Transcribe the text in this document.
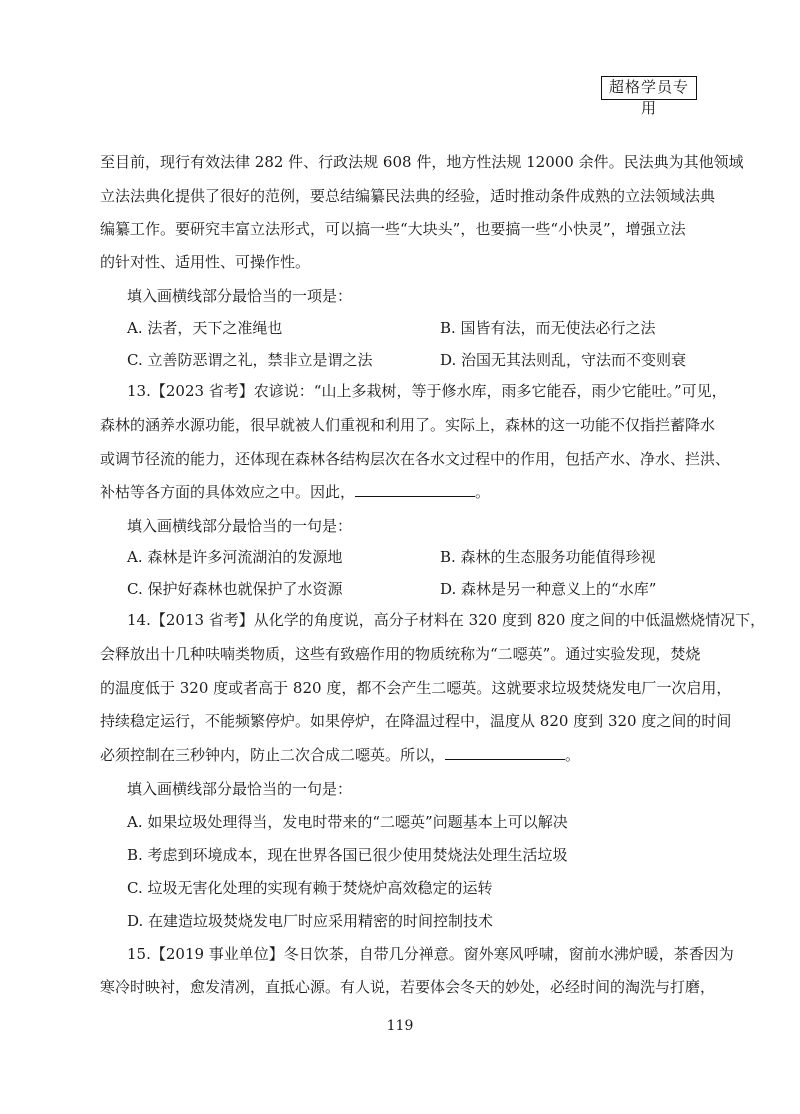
超格学员专用
至目前，现行有效法律 282 件、行政法规 608 件，地方性法规 12000 余件。民法典为其他领域
立法法典化提供了很好的范例，要总结编纂民法典的经验，适时推动条件成熟的立法领域法典
编纂工作。要研究丰富立法形式，可以搞一些“大块头”，也要搞一些“小快灵”，增强立法
的针对性、适用性、可操作性。
填入画横线部分最恰当的一项是：
A. 法者，天下之准绳也	B. 国皆有法，而无使法必行之法
C. 立善防恶谓之礼，禁非立是谓之法	D. 治国无其法则乱，守法而不变则衰
13.【2023 省考】农谚说：“山上多栽树，等于修水库，雨多它能吞，雨少它能吐。”可见，
森林的涵养水源功能，很早就被人们重视和利用了。实际上，森林的这一功能不仅指拦蓄降水
或调节径流的能力，还体现在森林各结构层次在各水文过程中的作用，包括产水、净水、拦洪、
补枯等各方面的具体效应之中。因此，	。
填入画横线部分最恰当的一句是：
A. 森林是许多河流湖泊的发源地	B. 森林的生态服务功能值得珍视
C. 保护好森林也就保护了水资源	D. 森林是另一种意义上的“水库”
14.【2013 省考】从化学的角度说，高分子材料在 320 度到 820 度之间的中低温燃烧情况下，
会释放出十几种呋喃类物质，这些有致癌作用的物质统称为“二噁英”。通过实验发现，焚烧
的温度低于 320 度或者高于 820 度，都不会产生二噁英。这就要求垃圾焚烧发电厂一次启用，
持续稳定运行，不能频繁停炉。如果停炉，在降温过程中，温度从 820 度到 320 度之间的时间
必须控制在三秒钟内，防止二次合成二噁英。所以，	。
填入画横线部分最恰当的一句是：
A. 如果垃圾处理得当，发电时带来的“二噁英”问题基本上可以解决
B. 考虑到环境成本，现在世界各国已很少使用焚烧法处理生活垃圾
C. 垃圾无害化处理的实现有赖于焚烧炉高效稳定的运转
D. 在建造垃圾焚烧发电厂时应采用精密的时间控制技术
15.【2019 事业单位】冬日饮茶，自带几分禅意。窗外寒风呼啸，窗前水沸炉暖，茶香因为
寒冷时映衬，愈发清冽，直抵心源。有人说，若要体会冬天的妙处，必经时间的淘洗与打磨，
119
